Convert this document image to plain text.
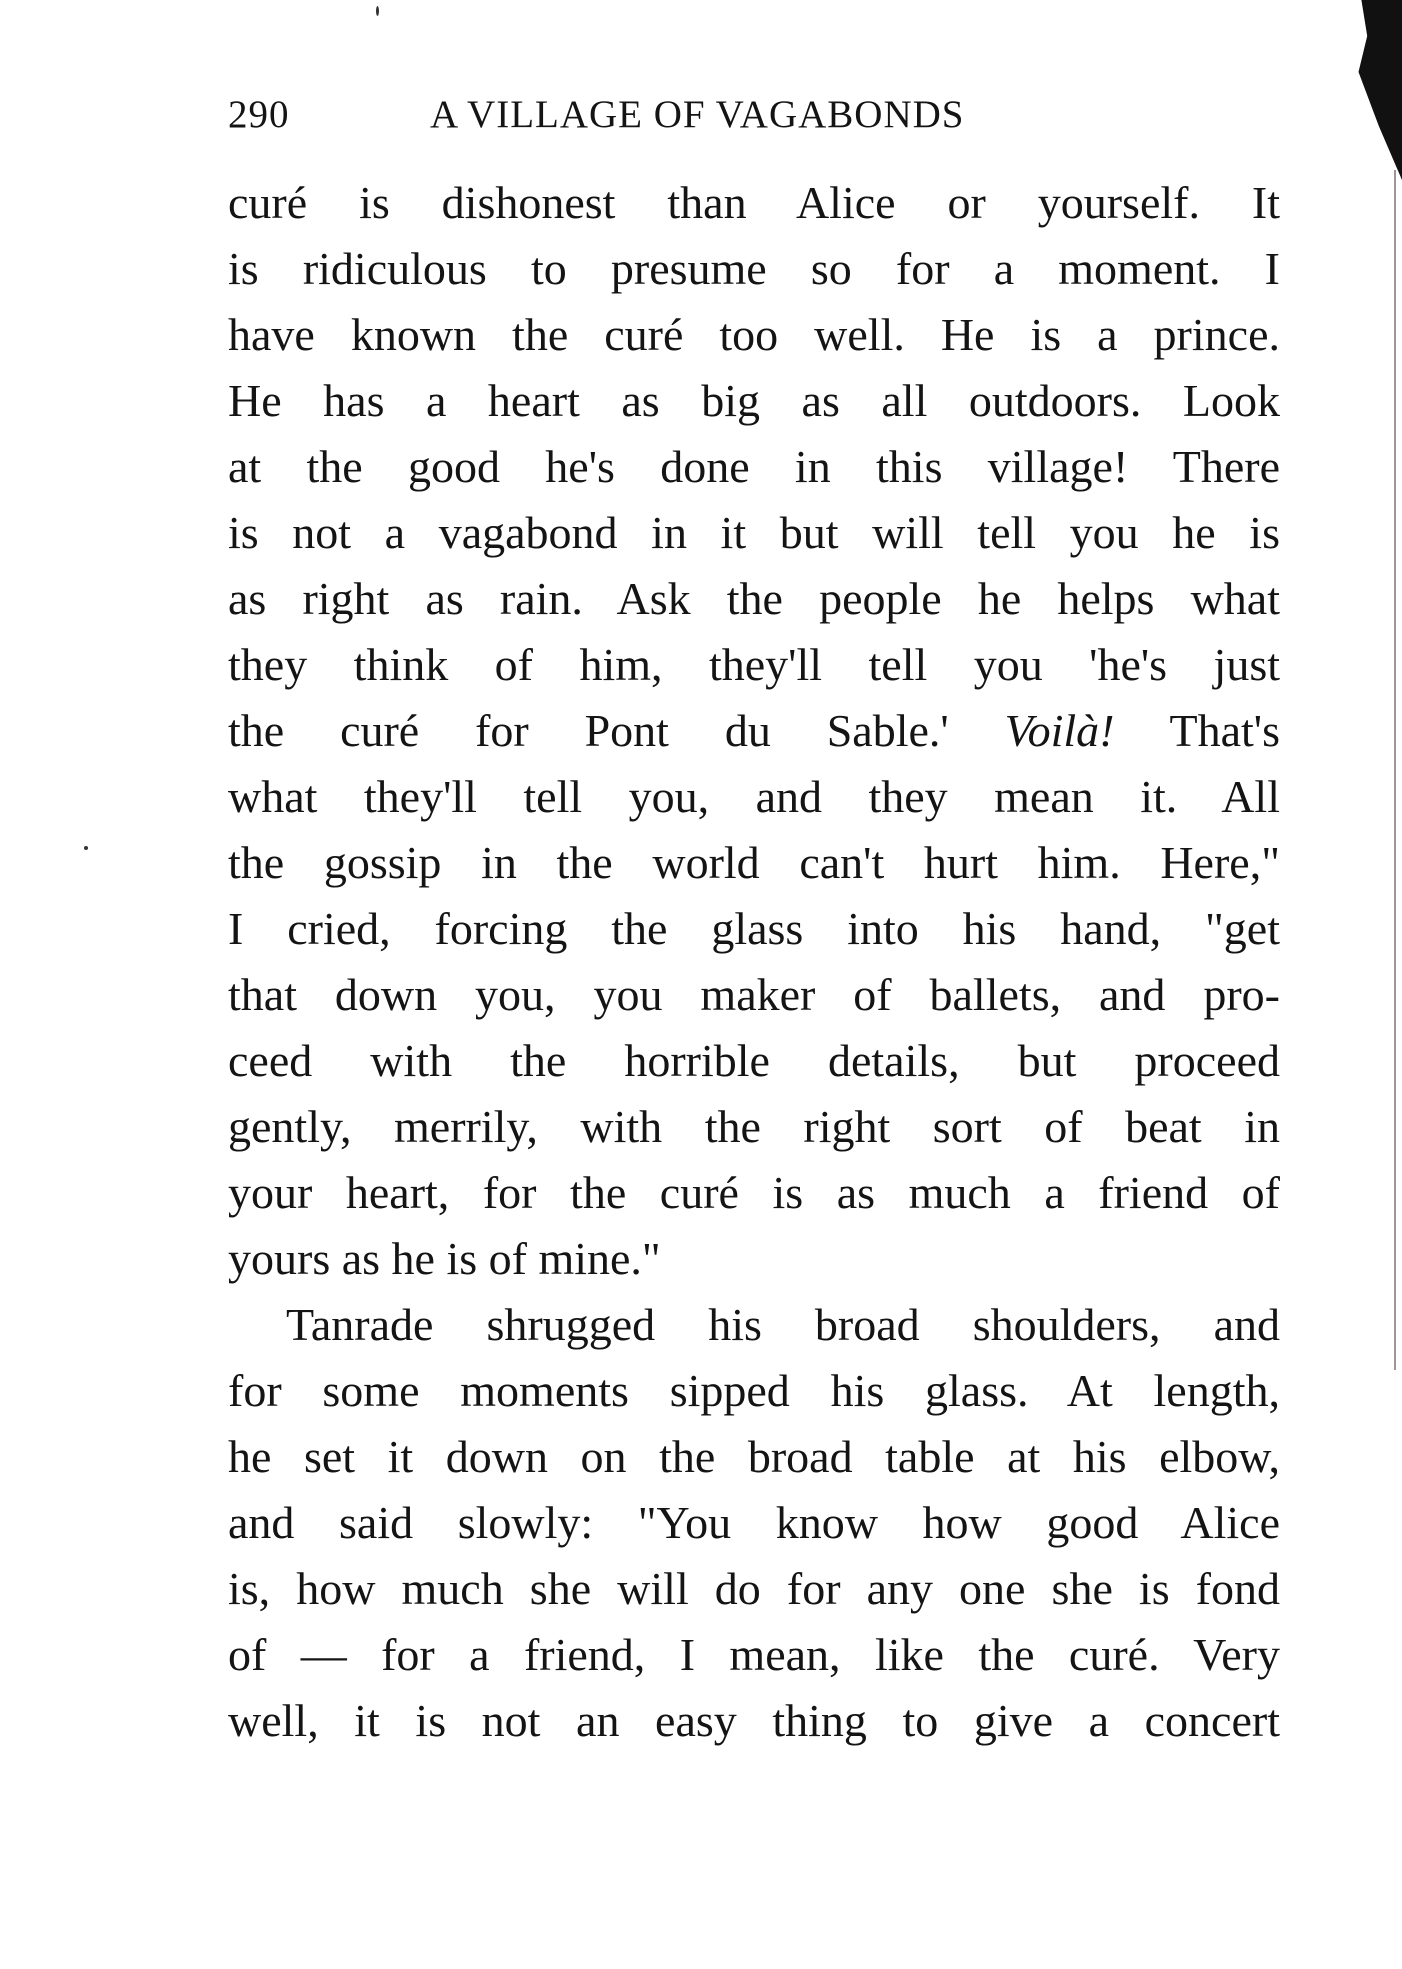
290	A VILLAGE OF VAGABONDS
curé is dishonest than Alice or yourself. It
is ridiculous to presume so for a moment. I
have known the curé too well. He is a prince.
He has a heart as big as all outdoors. Look
at the good he's done in this village! There
is not a vagabond in it but will tell you he is
as right as rain. Ask the people he helps what
they think of him, they'll tell you 'he's just
the curé for Pont du Sable.' Voilà! That's
what they'll tell you, and they mean it. All
the gossip in the world can't hurt him. Here,"
I cried, forcing the glass into his hand, "get
that down you, you maker of ballets, and pro-
ceed with the horrible details, but proceed
gently, merrily, with the right sort of beat in
your heart, for the curé is as much a friend of
yours as he is of mine."
Tanrade shrugged his broad shoulders, and
for some moments sipped his glass. At length,
he set it down on the broad table at his elbow,
and said slowly: "You know how good Alice
is, how much she will do for any one she is fond
of — for a friend, I mean, like the curé. Very
well, it is not an easy thing to give a concert
